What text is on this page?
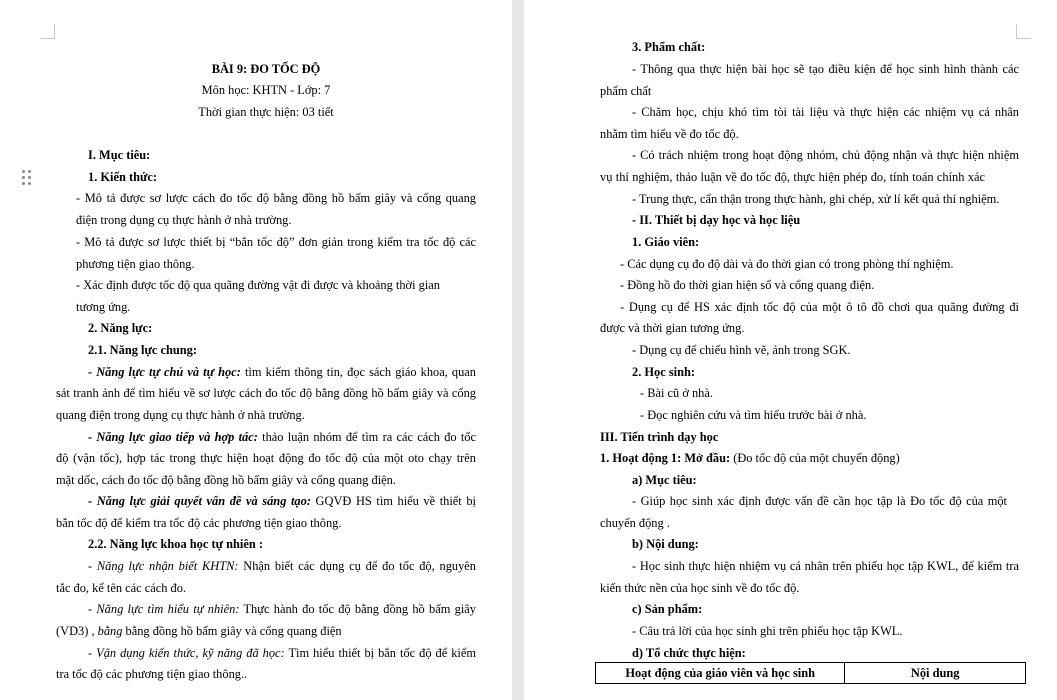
BÀI 9: ĐO TỐC ĐỘ
Môn học: KHTN - Lớp: 7
Thời gian thực hiện: 03 tiết
I. Mục tiêu:
1. Kiến thức:
- Mô tả được sơ lược cách đo tốc độ bằng đồng hồ bấm giây và cổng quang
điện trong dụng cụ thực hành ở nhà trường.
- Mô tả được sơ lược thiết bị “bắn tốc độ” đơn giản trong kiểm tra tốc độ các
phương tiện giao thông.
- Xác định được tốc độ qua quãng đường vật đi được và khoảng thời gian
tương ứng.
2. Năng lực:
2.1. Năng lực chung:
- Năng lực tự chủ và tự học: tìm kiếm thông tin, đọc sách giáo khoa, quan
sát tranh ảnh để tìm hiểu về sơ lược cách đo tốc độ bằng đồng hồ bấm giây và cổng
quang điện trong dụng cụ thực hành ở nhà trường.
- Năng lực giao tiếp và hợp tác: thảo luận nhóm để tìm ra các cách đo tốc
độ (vận tốc), hợp tác trong thực hiện hoạt động đo tốc độ của một oto chạy trên
mặt dốc, cách đo tốc độ bằng đồng hồ bấm giây và cổng quang điện.
- Năng lực giải quyết vấn đề và sáng tạo: GQVĐ HS tìm hiểu về thiết bị
bắn tốc độ để kiểm tra tốc độ các phương tiện giao thông.
2.2. Năng lực khoa học tự nhiên :
- Năng lực nhận biết KHTN: Nhận biết các dụng cụ để đo tốc độ, nguyên
tắc đo, kể tên các cách đo.
- Năng lực tìm hiểu tự nhiên: Thực hành đo tốc độ bằng đồng hồ bấm giây
(VD3) , bằng bằng đồng hồ bấm giây và cổng quang điện
- Vận dụng kiến thức, kỹ năng đã học: Tìm hiểu thiết bị bắn tốc độ để kiểm
tra tốc độ các phương tiện giao thông..
3. Phẩm chất:
- Thông qua thực hiện bài học sẽ tạo điều kiện để học sinh hình thành các
phẩm chất
- Chăm học, chịu khó tìm tòi tài liệu và thực hiện các nhiệm vụ cá nhân
nhằm tìm hiểu về đo tốc độ.
- Có trách nhiệm trong hoạt động nhóm, chủ động nhận và thực hiện nhiệm
vụ thí nghiệm, thảo luận về đo tốc độ, thực hiện phép đo, tính toán chính xác
- Trung thực, cẩn thận trong thực hành, ghi chép, xử lí kết quả thí nghiệm.
- II. Thiết bị dạy học và học liệu
1. Giáo viên:
- Các dụng cụ đo độ dài và đo thời gian có trong phòng thí nghiệm.
- Đồng hồ đo thời gian hiện số và cổng quang điện.
- Dụng cụ để HS xác định tốc độ của một ô tô đồ chơi qua quãng đường đi
được và thời gian tương ứng.
- Dụng cụ để chiếu hình vẽ, ảnh trong SGK.
2. Học sinh:
- Bài cũ ở nhà.
- Đọc nghiên cứu và tìm hiểu trước bài ở nhà.
III. Tiến trình dạy học
1. Hoạt động 1: Mở đầu: (Đo tốc độ của một chuyển động)
a) Mục tiêu:
- Giúp học sinh xác định được vấn đề cần học tập là Đo tốc độ của một
chuyển động .
b) Nội dung:
- Học sinh thực hiện nhiệm vụ cá nhân trên phiếu học tập KWL, để kiểm tra
kiến thức nền của học sinh về đo tốc độ.
c) Sản phẩm:
- Câu trả lời của học sinh ghi trên phiếu học tập KWL.
d) Tổ chức thực hiện:
Hoạt động của giáo viên và học sinh	Nội dung
